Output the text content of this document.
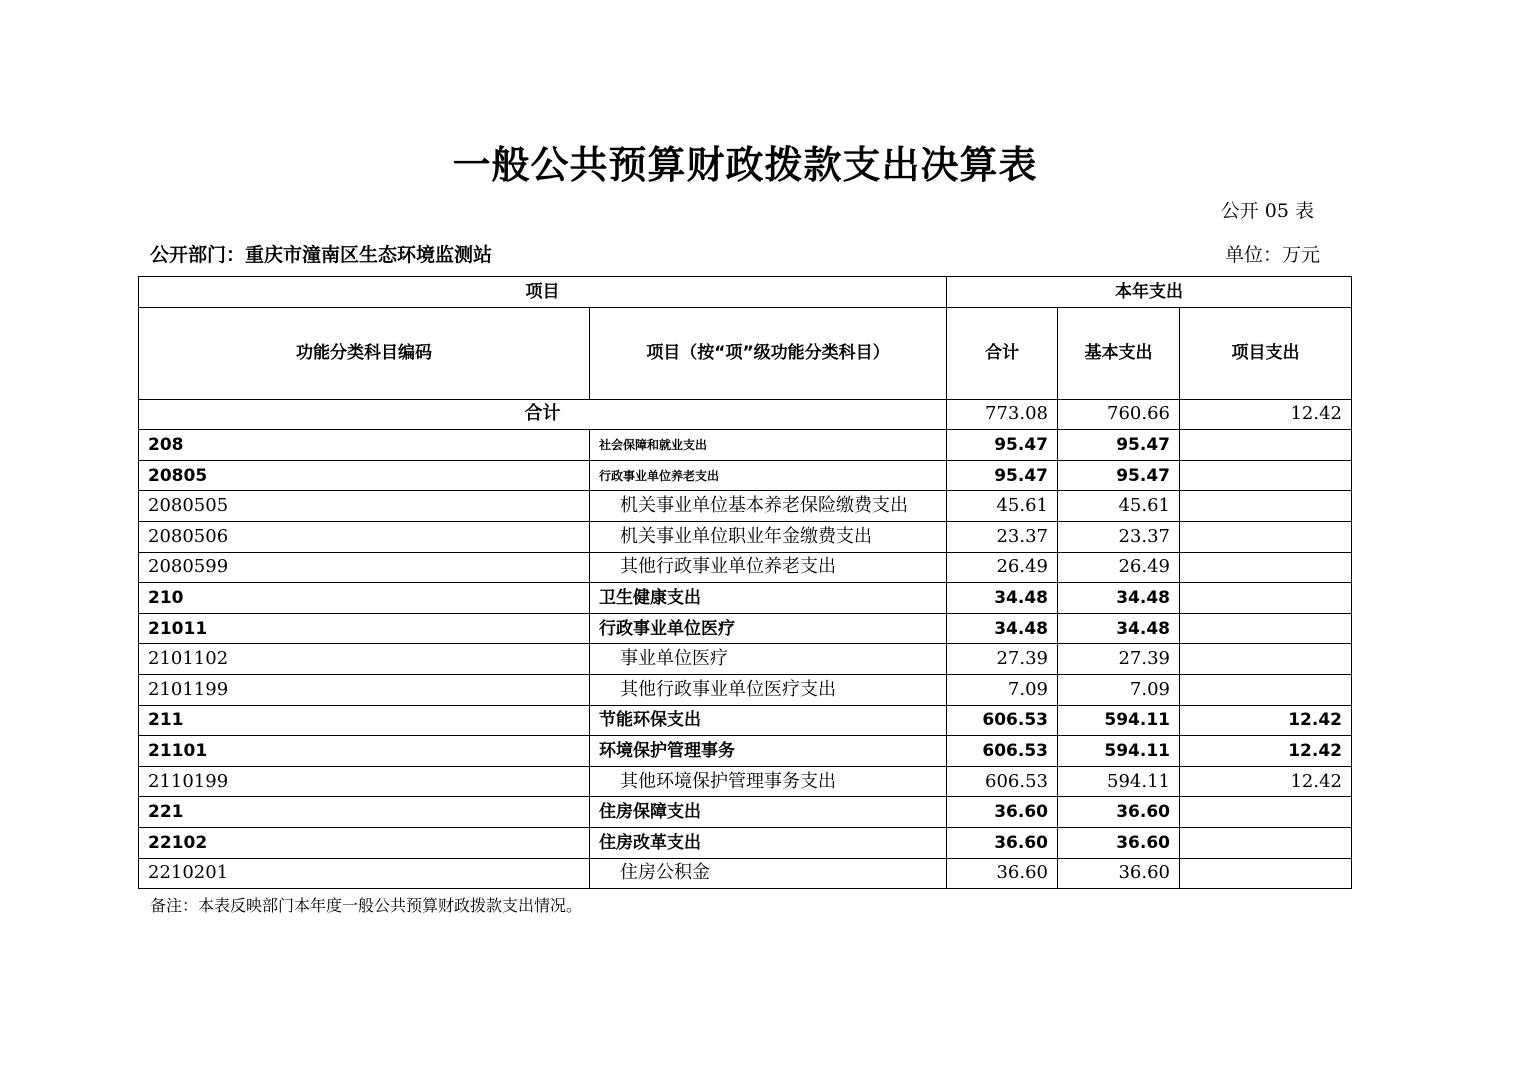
一般公共预算财政拨款支出决算表
公开 05 表
公开部门：重庆市潼南区生态环境监测站	单位：万元
项目		本年支出		
功能分类科目编码	项目（按“项”级功能分类科目）	合计	基本支出	项目支出
合计		773.08	760.66	12.42
208	社会保障和就业支出	95.47	95.47	
20805	行政事业单位养老支出	95.47	95.47	
2080505	机关事业单位基本养老保险缴费支出	45.61	45.61	
2080506	机关事业单位职业年金缴费支出	23.37	23.37	
2080599	其他行政事业单位养老支出	26.49	26.49	
210	卫生健康支出	34.48	34.48	
21011	行政事业单位医疗	34.48	34.48	
2101102	事业单位医疗	27.39	27.39	
2101199	其他行政事业单位医疗支出	7.09	7.09	
211	节能环保支出	606.53	594.11	12.42
21101	环境保护管理事务	606.53	594.11	12.42
2110199	其他环境保护管理事务支出	606.53	594.11	12.42
221	住房保障支出	36.60	36.60	
22102	住房改革支出	36.60	36.60	
2210201	住房公积金	36.60	36.60	
备注：本表反映部门本年度一般公共预算财政拨款支出情况。
